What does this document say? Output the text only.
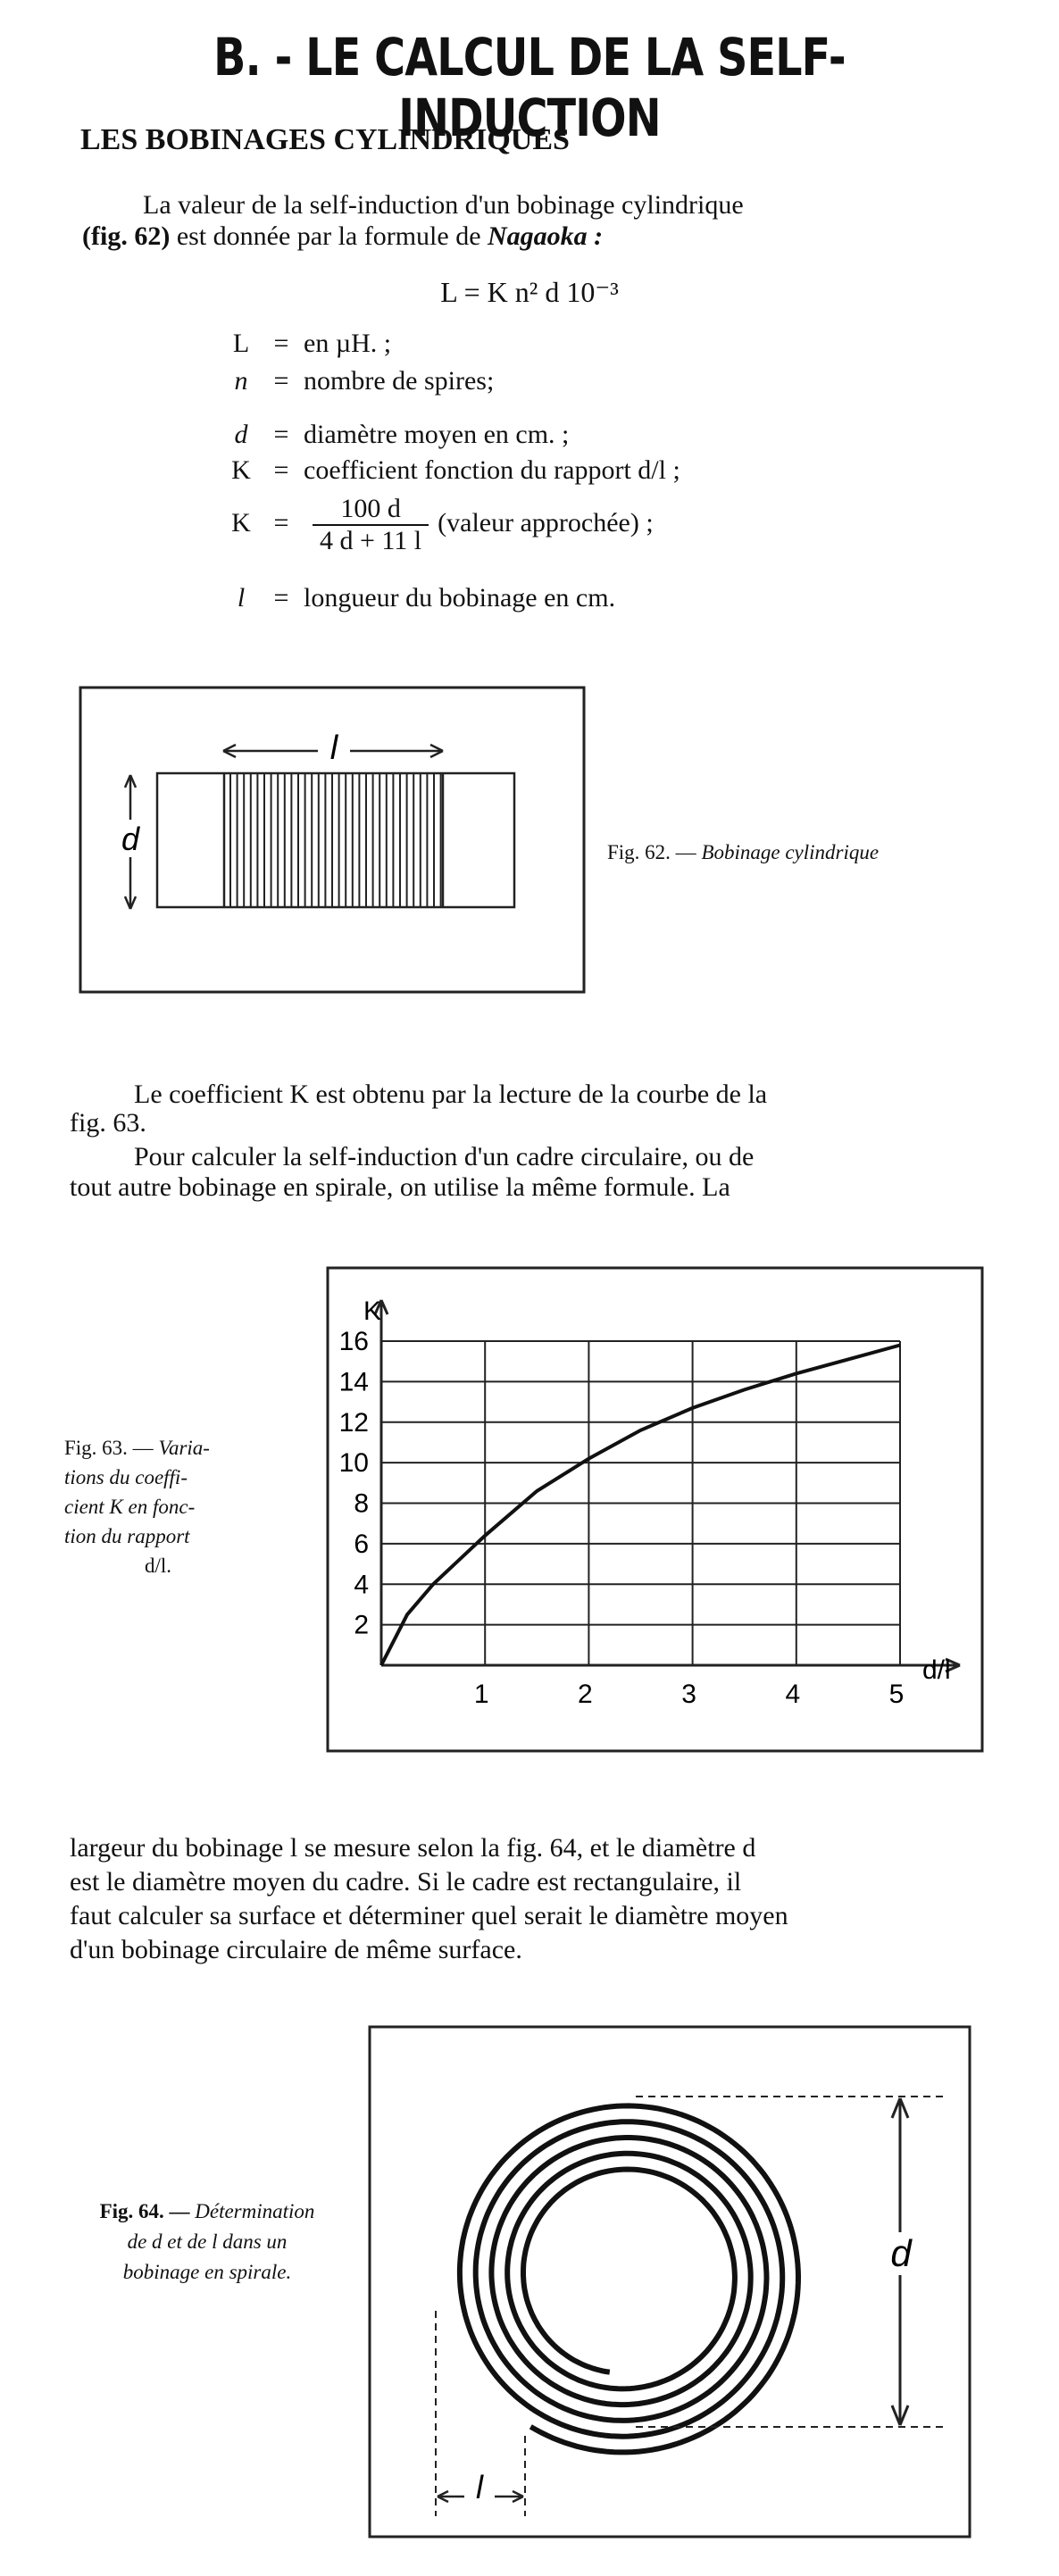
B. - LE CALCUL DE LA SELF-INDUCTION
LES BOBINAGES CYLINDRIQUES
La valeur de la self-induction d'un bobinage cylindrique
(fig. 62) est donnée par la formule de Nagaoka :
L = K n² d 10⁻³
L = en µH. ;
n = nombre de spires;
d = diamètre moyen en cm. ;
K = coefficient fonction du rapport d/l ;
$K = \frac{100 d}{4 d + 11 l}$ (valeur approchée) ;
l = longueur du bobinage en cm.
l
d	Fig. 62. — Bobinage cylindrique
Le coefficient K est obtenu par la lecture de la courbe de la
fig. 63.
Pour calculer la self-induction d'un cadre circulaire, ou de
tout autre bobinage en spirale, on utilise la même formule. La
2
4
6
8
10
12
14
16
1	2	3	4	5
K
d/l
Fig. 63. — Varia-
tions du coeffi-
cient K en fonc-
tion du rapport
d/l.
largeur du bobinage l se mesure selon la fig. 64, et le diamètre d
est le diamètre moyen du cadre. Si le cadre est rectangulaire, il
faut calculer sa surface et déterminer quel serait le diamètre moyen
d'un bobinage circulaire de même surface.
d
l
Fig. 64. — Détermination
de d et de l dans un
bobinage en spirale.
